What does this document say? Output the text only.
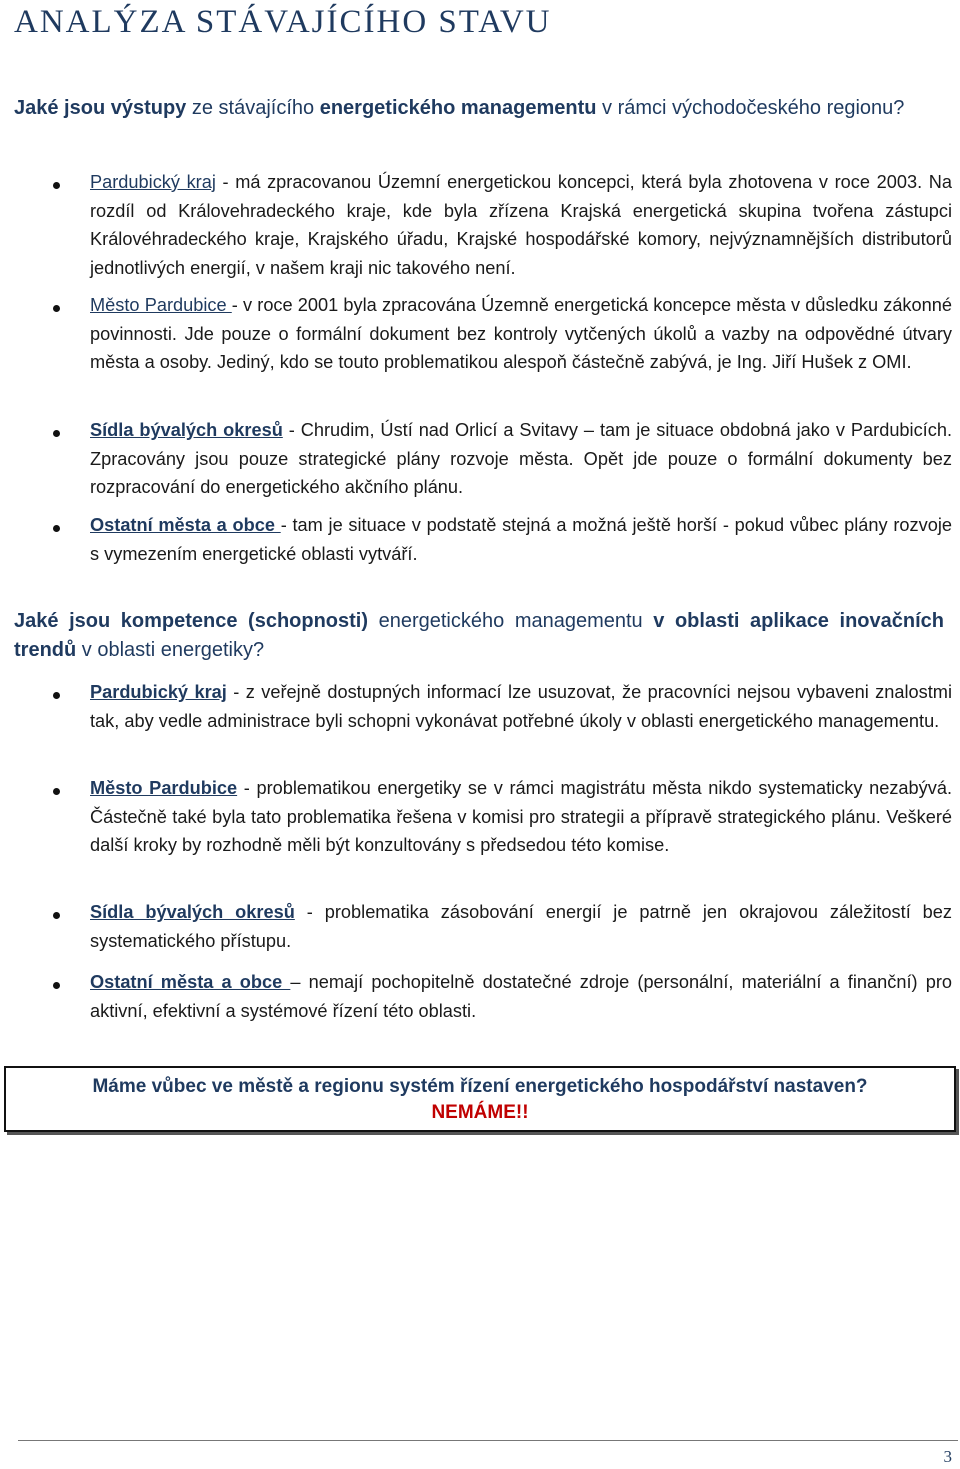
ANALÝZA STÁVAJÍCÍHO STAVU

Jaké jsou výstupy ze stávajícího energetického managementu v rámci východočeského regionu?

Pardubický kraj - má zpracovanou Územní energetickou koncepci, která byla zhotovena v roce 2003. Na rozdíl od Královehradeckého kraje, kde byla zřízena Krajská energetická skupina tvořena zástupci Královéhradeckého kraje, Krajského úřadu, Krajské hospodářské komory, nejvýznamnějších distributorů jednotlivých energií, v našem kraji nic takového není.

Město Pardubice - v roce 2001 byla zpracována Územně energetická koncepce města v důsledku zákonné povinnosti. Jde pouze o formální dokument bez kontroly vytčených úkolů a vazby na odpovědné útvary města a osoby. Jediný, kdo se touto problematikou alespoň částečně zabývá, je Ing. Jiří Hušek z OMI.

Sídla bývalých okresů - Chrudim, Ústí nad Orlicí a Svitavy – tam je situace obdobná jako v Pardubicích. Zpracovány jsou pouze strategické plány rozvoje města. Opět jde pouze o formální dokumenty bez rozpracování do energetického akčního plánu.

Ostatní města a obce - tam je situace v podstatě stejná a možná ještě horší - pokud vůbec plány rozvoje s vymezením energetické oblasti vytváří.

Jaké jsou kompetence (schopnosti) energetického managementu v oblasti aplikace inovačních trendů v oblasti energetiky?

Pardubický kraj - z veřejně dostupných informací lze usuzovat, že pracovníci nejsou vybaveni znalostmi tak, aby vedle administrace byli schopni vykonávat potřebné úkoly v oblasti energetického managementu.

Město Pardubice - problematikou energetiky se v rámci magistrátu města nikdo systematicky nezabývá. Částečně také byla tato problematika řešena v komisi pro strategii a přípravě strategického plánu. Veškeré další kroky by rozhodně měli být konzultovány s předsedou této komise.

Sídla bývalých okresů - problematika zásobování energií je patrně jen okrajovou záležitostí bez systematického přístupu.

Ostatní města a obce – nemají pochopitelně dostatečné zdroje (personální, materiální a finanční) pro aktivní, efektivní a systémové řízení této oblasti.

Máme vůbec ve městě a regionu systém řízení energetického hospodářství nastaven?
NEMÁME!!
3
